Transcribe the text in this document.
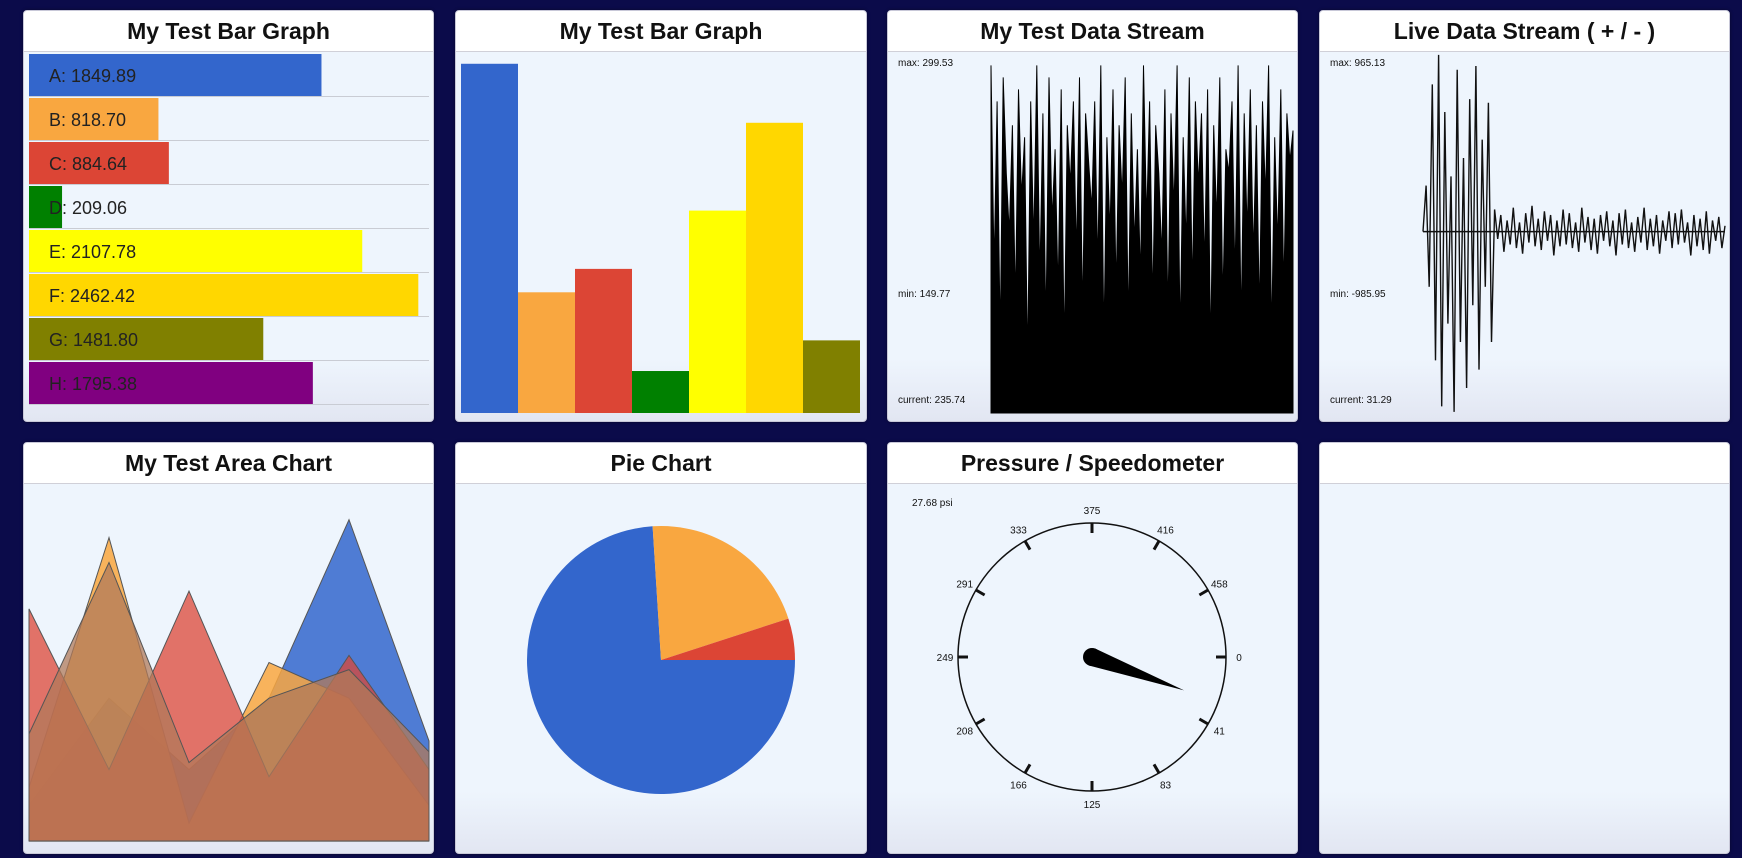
My Test Bar Graph
A: 1849.89
B: 818.70
C: 884.64
D: 209.06
E: 2107.78
F: 2462.42
G: 1481.80
H: 1795.38
My Test Bar Graph	My Test Data Stream
max: 299.53
min: 149.77
current: 235.74
Live Data Stream ( + / - )
max: 965.13
min: -985.95
current: 31.29
My Test Area Chart	Pie Chart	Pressure / Speedometer
27.68 psi
0
41
83
125
166
208
249
291
333
375
416
458
